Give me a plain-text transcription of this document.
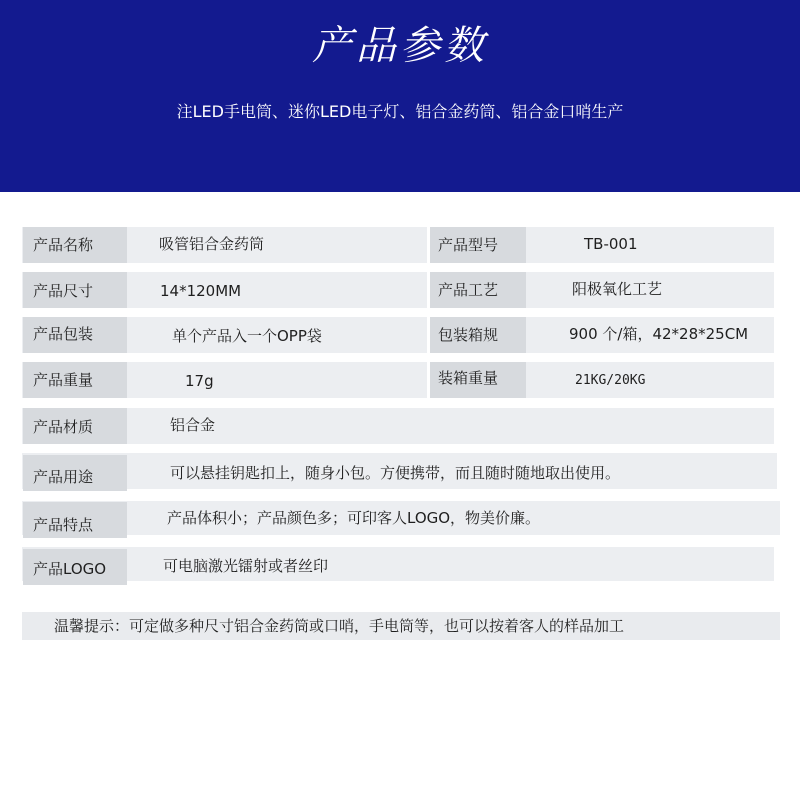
产品参数
注LED手电筒、迷你LED电子灯、铝合金药筒、铝合金口哨生产
产品名称	吸管铝合金药筒	产品型号	TB-001
产品尺寸	14*120MM	产品工艺	阳极氧化工艺
产品包装	单个产品入一个OPP袋	包装箱规	900 个/箱，42*28*25CM
产品重量	17g	装箱重量	21KG/20KG
产品材质	铝合金
产品用途	可以悬挂钥匙扣上，随身小包。方便携带，而且随时随地取出使用。
产品特点	产品体积小；产品颜色多；可印客人LOGO，物美价廉。
产品LOGO	可电脑激光镭射或者丝印
温馨提示：可定做多种尺寸铝合金药筒或口哨，手电筒等，也可以按着客人的样品加工
